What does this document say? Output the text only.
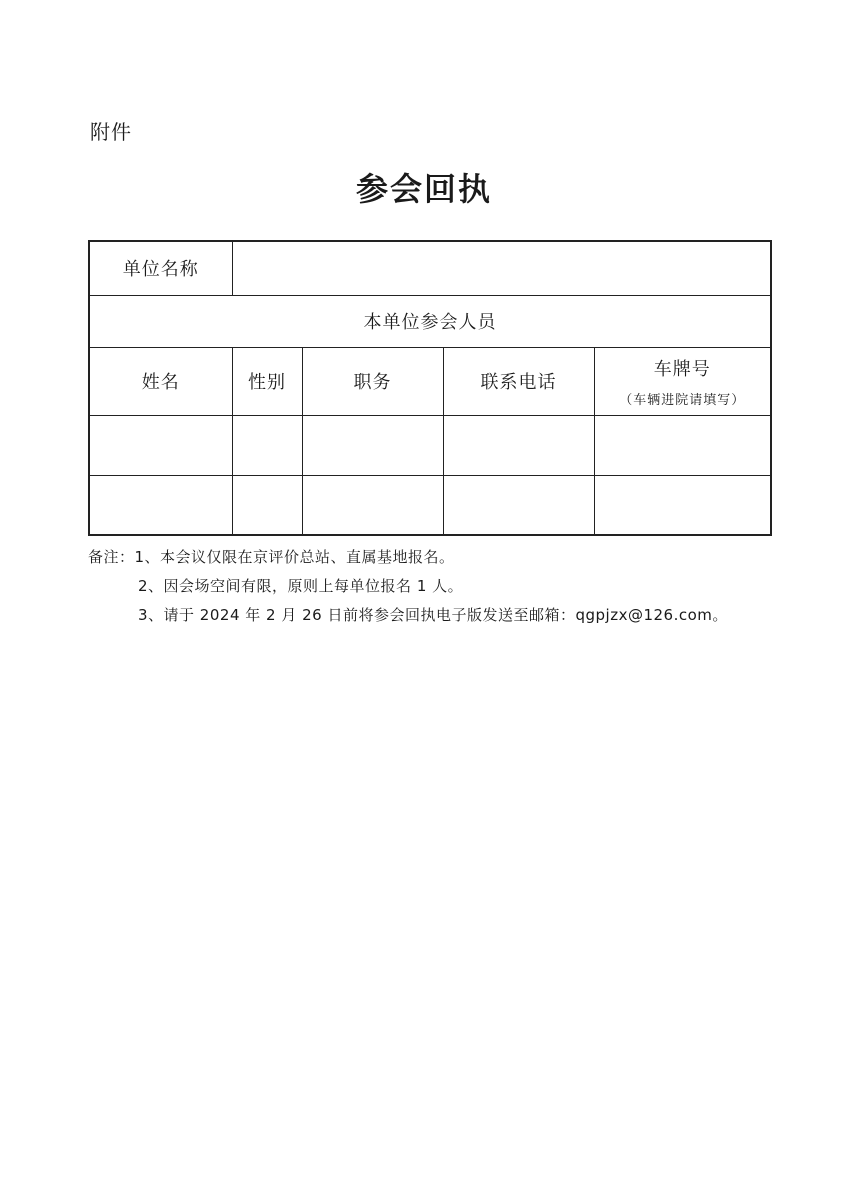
附件
参会回执
单位名称				
本单位参会人员				
姓名	性别	职务	联系电话	车牌号
（车辆进院请填写）

备注：1、本会议仅限在京评价总站、直属基地报名。
2、因会场空间有限，原则上每单位报名 1 人。
3、请于 2024 年 2 月 26 日前将参会回执电子版发送至邮箱：qgpjzx@126.com。
